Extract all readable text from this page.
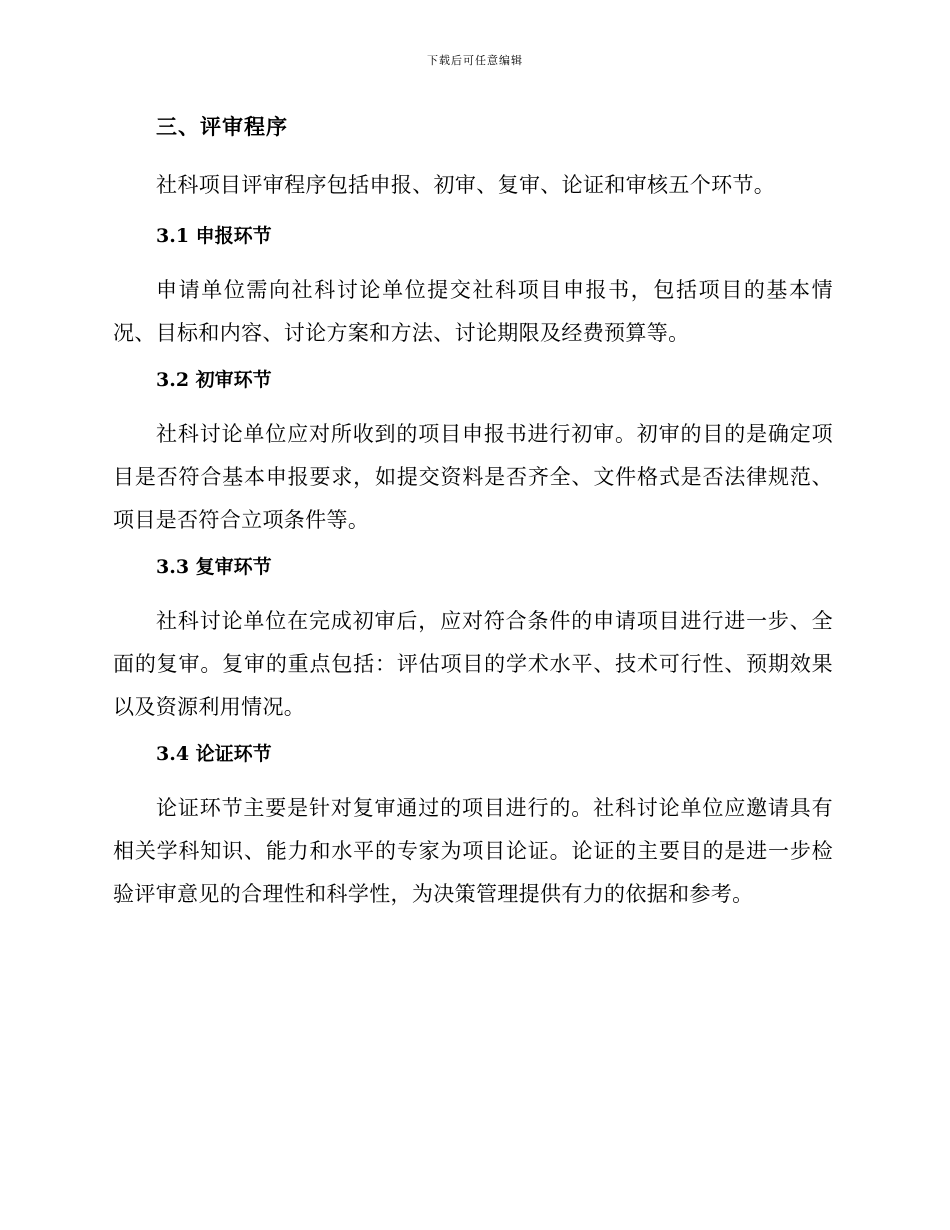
下载后可任意编辑
三、评审程序

社科项目评审程序包括申报、初审、复审、论证和审核五个环节。

3.1 申报环节

申请单位需向社科讨论单位提交社科项目申报书，包括项目的基本情况、目标和内容、讨论方案和方法、讨论期限及经费预算等。

3.2 初审环节

社科讨论单位应对所收到的项目申报书进行初审。初审的目的是确定项目是否符合基本申报要求，如提交资料是否齐全、文件格式是否法律规范、项目是否符合立项条件等。

3.3 复审环节

社科讨论单位在完成初审后，应对符合条件的申请项目进行进一步、全面的复审。复审的重点包括：评估项目的学术水平、技术可行性、预期效果以及资源利用情况。

3.4 论证环节

论证环节主要是针对复审通过的项目进行的。社科讨论单位应邀请具有相关学科知识、能力和水平的专家为项目论证。论证的主要目的是进一步检验评审意见的合理性和科学性，为决策管理提供有力的依据和参考。
